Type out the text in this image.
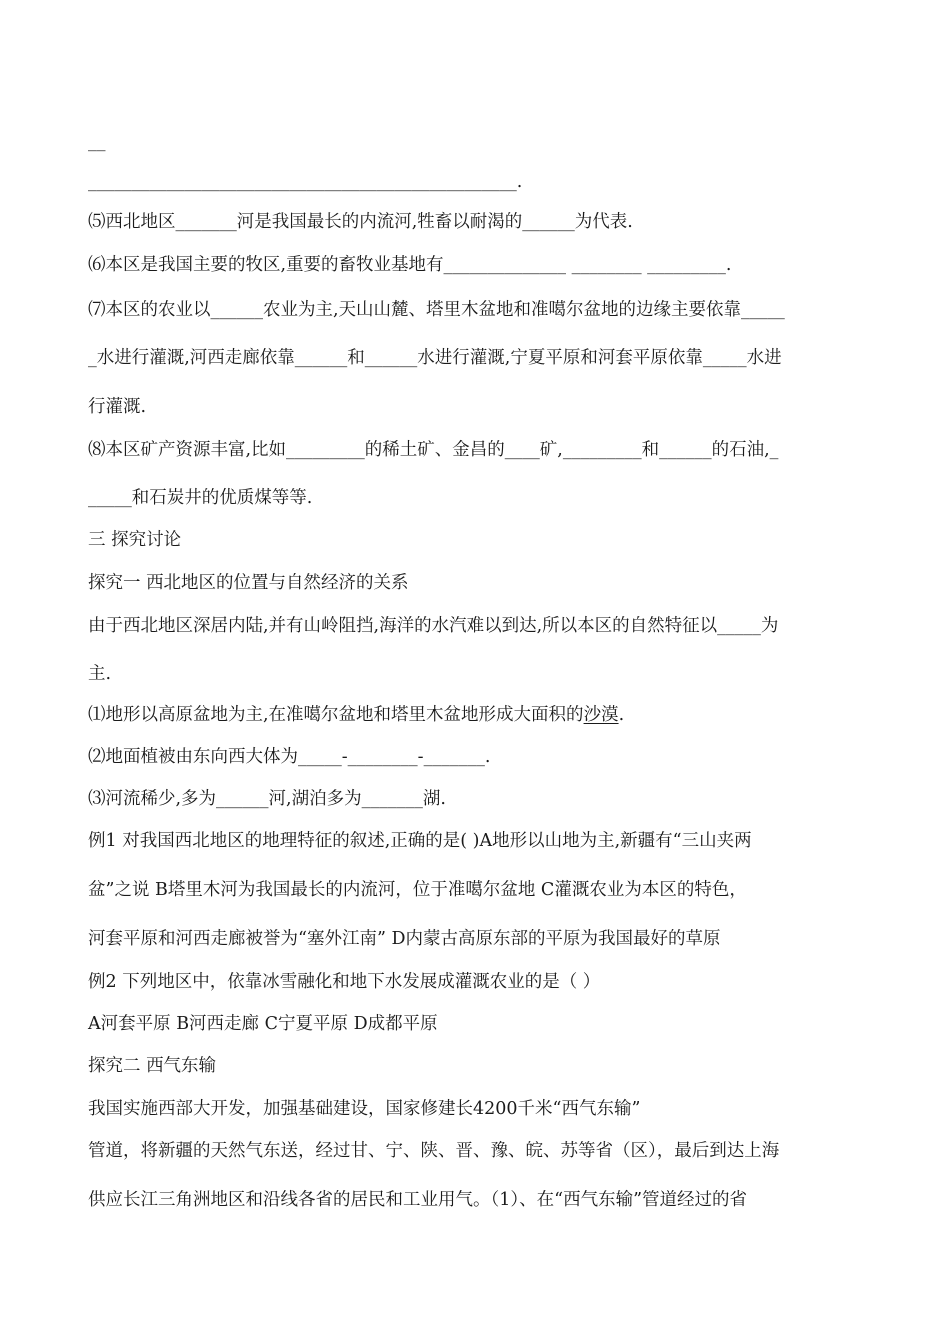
__
_________________________________________________.
⑸西北地区_______河是我国最长的内流河,牲畜以耐渴的______为代表.
⑹本区是我国主要的牧区,重要的畜牧业基地有______________ ________ _________.
⑺本区的农业以______农业为主,天山山麓、塔里木盆地和准噶尔盆地的边缘主要依靠_____
_水进行灌溉,河西走廊依靠______和______水进行灌溉,宁夏平原和河套平原依靠_____水进
行灌溉.
⑻本区矿产资源丰富,比如_________的稀土矿、金昌的____矿,_________和______的石油,_
_____和石炭井的优质煤等等.
三 探究讨论
探究一 西北地区的位置与自然经济的关系
由于西北地区深居内陆,并有山岭阻挡,海洋的水汽难以到达,所以本区的自然特征以_____为
主.
⑴地形以高原盆地为主,在准噶尔盆地和塔里木盆地形成大面积的沙漠.
⑵地面植被由东向西大体为_____-________-_______.
⑶河流稀少,多为______河,湖泊多为_______湖.
例1 对我国西北地区的地理特征的叙述,正确的是( )A地形以山地为主,新疆有“三山夹两
盆”之说 B塔里木河为我国最长的内流河，位于准噶尔盆地 C灌溉农业为本区的特色，
河套平原和河西走廊被誉为“塞外江南” D内蒙古高原东部的平原为我国最好的草原
例2 下列地区中，依靠冰雪融化和地下水发展成灌溉农业的是（ ）
A河套平原 B河西走廊 C宁夏平原 D成都平原
探究二 西气东输
我国实施西部大开发，加强基础建设，国家修建长4200千米“西气东输”
管道，将新疆的天然气东送，经过甘、宁、陕、晋、豫、皖、苏等省（区），最后到达上海
供应长江三角洲地区和沿线各省的居民和工业用气。（1）、在“西气东输”管道经过的省
